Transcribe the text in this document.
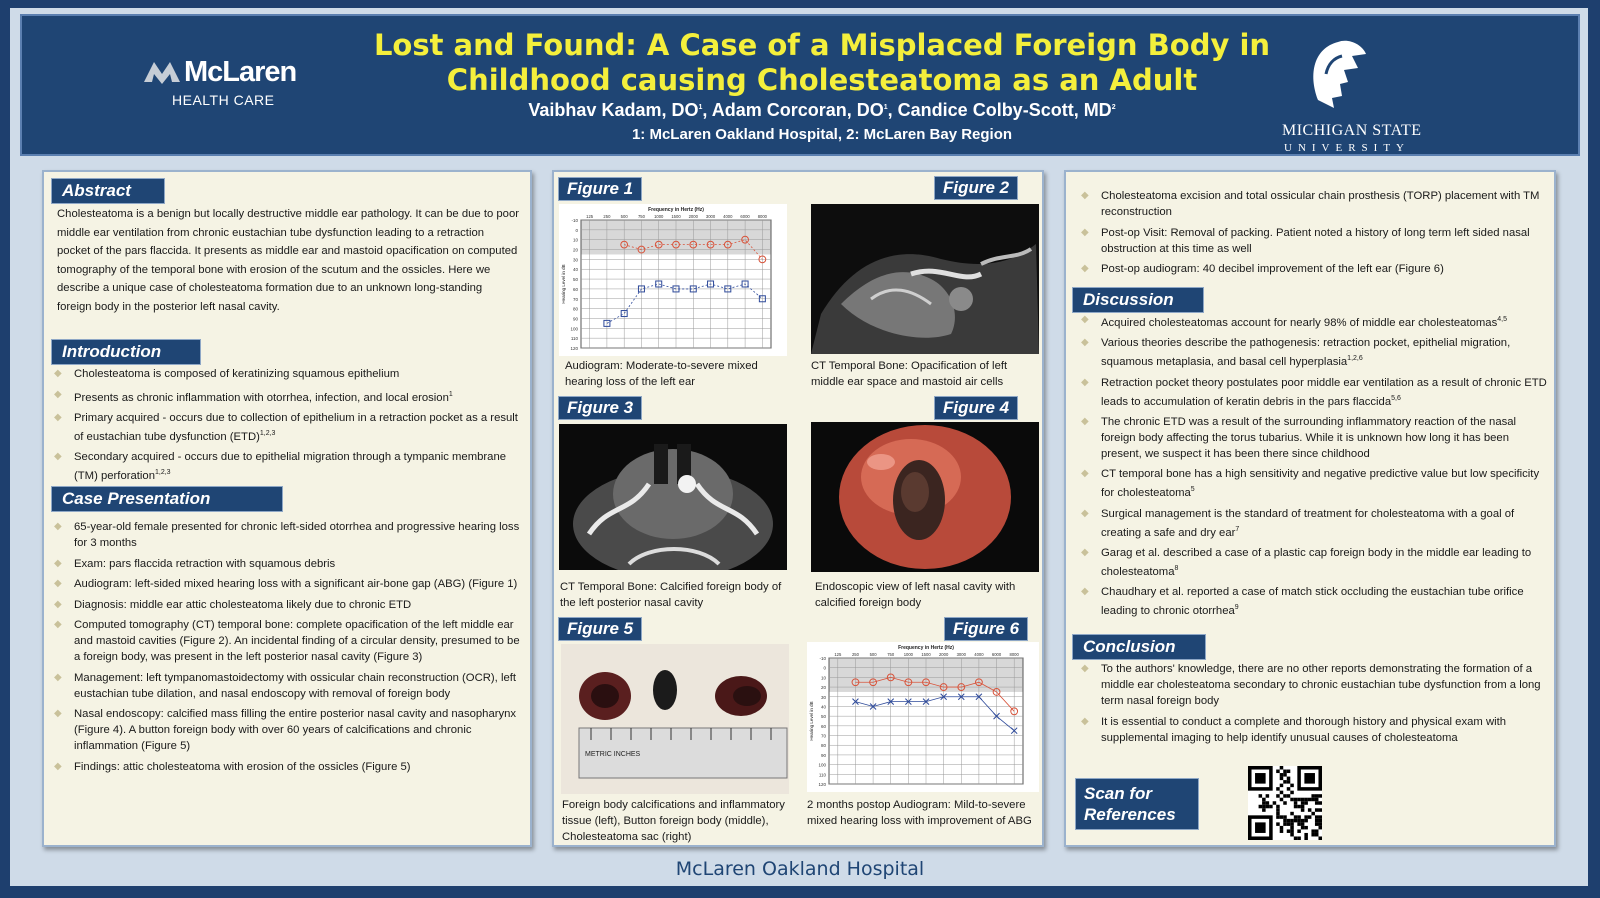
McLaren
HEALTH CARE
Lost and Found: A Case of a Misplaced Foreign Body in
Childhood causing Cholesteatoma as an Adult
Vaibhav Kadam, $DO^1$, Adam Corcoran, $DO^1$, Candice Colby-Scott, $MD^2$
1: McLaren Oakland Hospital, 2: McLaren Bay Region	MICHIGAN STATE
UNIVERSITY
Abstract
Cholesteatoma is a benign but locally destructive middle ear pathology. It can be due to poor middle ear ventilation from chronic eustachian tube dysfunction leading to a retraction pocket of the pars flaccida. It presents as middle ear and mastoid opacification on computed tomography of the temporal bone with erosion of the scutum and the ossicles. Here we describe a unique case of cholesteatoma formation due to an unknown long-standing foreign body in the posterior left nasal cavity.
Introduction
◆ Cholesteatoma is composed of keratinizing squamous epithelium
◆ Presents as chronic inflammation with otorrhea, infection, and local erosion$^1$
◆ Primary acquired - occurs due to collection of epithelium in a retraction pocket as a result of eustachian tube dysfunction (ETD)$^{1,2,3}$
◆ Secondary acquired - occurs due to epithelial migration through a tympanic membrane (TM) perforation$^{1,2,3}$
Case Presentation
◆ 65-year-old female presented for chronic left-sided otorrhea and progressive hearing loss for 3 months
◆ Exam: pars flaccida retraction with squamous debris
◆ Audiogram: left-sided mixed hearing loss with a significant air-bone gap (ABG) (Figure 1)
◆ Diagnosis: middle ear attic cholesteatoma likely due to chronic ETD
◆ Computed tomography (CT) temporal bone: complete opacification of the left middle ear and mastoid cavities (Figure 2). An incidental finding of a circular density, presumed to be a foreign body, was present in the left posterior nasal cavity (Figure 3)
◆ Management: left tympanomastoidectomy with ossicular chain reconstruction (OCR), left eustachian tube dilation, and nasal endoscopy with removal of foreign body
◆ Nasal endoscopy: calcified mass filling the entire posterior nasal cavity and nasopharynx (Figure 4). A button foreign body with over 60 years of calcifications and chronic inflammation (Figure 5)
◆ Findings: attic cholesteatoma with erosion of the ossicles (Figure 5)
Figure 1
-10
0
10
20
30
40
50
60
70
80
90
100
110
120
125 250 500 750 1000 1500 2000 3000 4000 6000 8000
Frequency in Hertz (Hz)
Hearing Level in dB
Audiogram: Moderate-to-severe mixed hearing loss of the left ear
Figure 2
CT Temporal Bone: Opacification of left middle ear space and mastoid air cells
Figure 3
CT Temporal Bone: Calcified foreign body of the left posterior nasal cavity
Figure 4
Endoscopic view of left nasal cavity with calcified foreign body
Figure 5
METRIC INCHES
Foreign body calcifications and inflammatory tissue (left), Button foreign body (middle), Cholesteatoma sac (right)
Figure 6
-10
0
10
20
30
40
50
60
70
80
90
100
110
120
125	250	500	750 1000 1500 2000 3000 4000 6000 8000
Frequency in Hertz (Hz)
Hearing Level in dB
2 months postop Audiogram: Mild-to-severe mixed hearing loss with improvement of ABG
◆ Cholesteatoma excision and total ossicular chain prosthesis (TORP) placement with TM reconstruction
◆ Post-op Visit: Removal of packing. Patient noted a history of long term left sided nasal obstruction at this time as well
◆ Post-op audiogram: 40 decibel improvement of the left ear (Figure 6)
Discussion
◆ Acquired cholesteatomas account for nearly 98% of middle ear cholesteatomas$^{4,5}$
◆ Various theories describe the pathogenesis: retraction pocket, epithelial migration, squamous metaplasia, and basal cell hyperplasia$^{1,2,6}$
◆ Retraction pocket theory postulates poor middle ear ventilation as a result of chronic ETD leads to accumulation of keratin debris in the pars flaccida$^{5,6}$
◆ The chronic ETD was a result of the surrounding inflammatory reaction of the nasal foreign body affecting the torus tubarius. While it is unknown how long it has been present, we suspect it has been there since childhood
◆ CT temporal bone has a high sensitivity and negative predictive value but low specificity for cholesteatoma$^5$
◆ Surgical management is the standard of treatment for cholesteatoma with a goal of creating a safe and dry ear$^7$
◆ Garag et al. described a case of a plastic cap foreign body in the middle ear leading to cholesteatoma$^8$
◆ Chaudhary et al. reported a case of match stick occluding the eustachian tube orifice leading to chronic otorrhea$^9$
Conclusion
◆ To the authors' knowledge, there are no other reports demonstrating the formation of a middle ear cholesteatoma secondary to chronic eustachian tube dysfunction from a long term nasal foreign body
◆ It is essential to conduct a complete and thorough history and physical exam with supplemental imaging to help identify unusual causes of cholesteatoma
Scan for
References
McLaren Oakland Hospital
